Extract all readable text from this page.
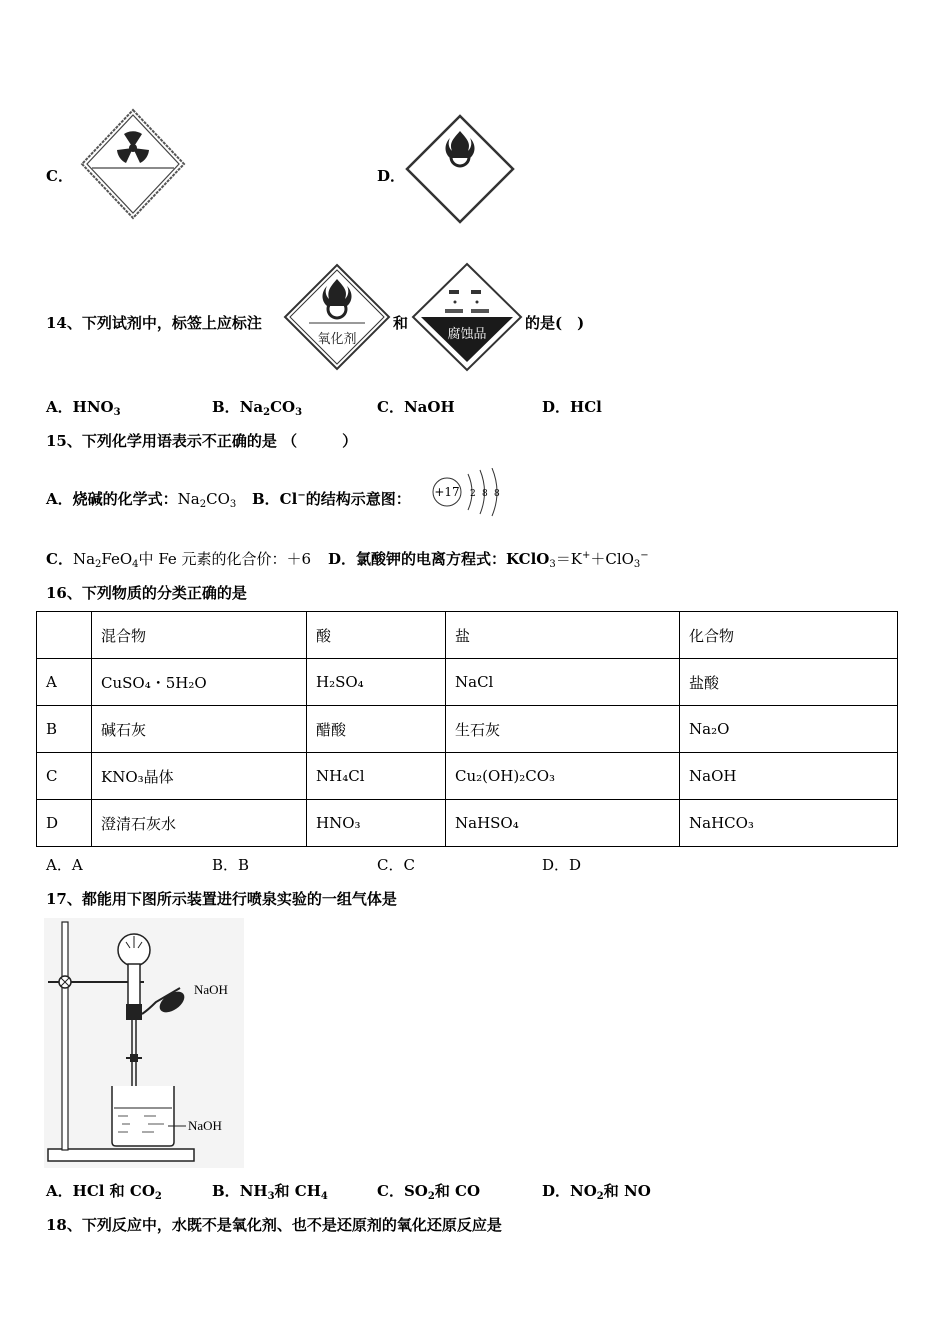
C．	D．
14、下列试剂中，标签上应标注
氧化剂
和
腐蚀品
的是(　)
A．$HNO_3$	B．$Na_2CO_3$	C．NaOH	D．HCl
15、下列化学用语表示不正确的是 （　　　）
A．烧碱的化学式：$Na_2CO_3$ B．Cl−的结构示意图： +17 2 8 8
C．$Na_2FeO_4$中 Fe 元素的化合价：＋6 D．氯酸钾的电离方程式：KClO$_3$＝K+＋ClO$_3$−
16、下列物质的分类正确的是
	混合物	酸	盐	化合物
A	CuSO₄・5H₂O	H₂SO₄	NaCl	盐酸
B	碱石灰	醋酸	生石灰	Na₂O
C	KNO₃晶体	NH₄Cl	Cu₂(OH)₂CO₃	NaOH
D	澄清石灰水	HNO₃	NaHSO₄	NaHCO₃
A．A	B．B	C．C	D．D
17、都能用下图所示装置进行喷泉实验的一组气体是
NaOH
NaOH
A．HCl 和 $CO_2$	B．$NH_3$和 $CH_4$	C．$SO_2$和 CO	D．$NO_2$和 NO
18、下列反应中，水既不是氧化剂、也不是还原剂的氧化还原反应是
